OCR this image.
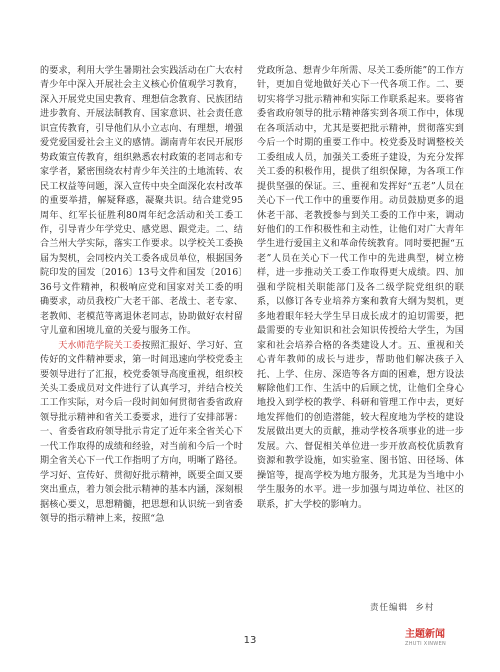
的要求，利用大学生暑期社会实践活动在广大农村青少年中深入开展社会主义核心价值观学习教育，深入开展党史国史教育、理想信念教育、民族团结进步教育、开展法制教育、国家意识、社会责任意识宣传教育，引导他们从小立志向、有理想，增强爱党爱国爱社会主义的感情。湖南青年农民开展形势政策宣传教育，组织熟悉农村政策的老同志和专家学者，紧密围绕农村青少年关注的土地流转、农民工权益等问题，深入宣传中央全面深化农村改革的重要举措，解疑释惑，凝聚共识。结合建党95周年、红军长征胜利80周年纪念活动和关工委工作，引导青少年学党史、感党恩、跟党走。二、结合兰州大学实际，落实工作要求。以学校关工委换届为契机，会同校内关工委各成员单位，根据国务院印发的国发〔2016〕13号文件和国发〔2016〕36号文件精神，积极响应党和国家对关工委的明确要求，动员我校广大老干部、老战士、老专家、老教师、老模范等离退休老同志，协助做好农村留守儿童和困境儿童的关爱与服务工作。

天水师范学院关工委按照汇报好、学习好、宣传好的文件精神要求，第一时间迅速向学校党委主要领导进行了汇报，校党委领导高度重视，组织校关头工委成员对文件进行了认真学习，并结合校关工工作实际，对今后一段时间如何贯彻省委省政府领导批示精神和省关工委要求，进行了安排部署：一、省委省政府领导批示肯定了近年来全省关心下一代工作取得的成绩和经验，对当前和今后一个时期全省关心下一代工作指明了方向，明晰了路径。学习好、宣传好、贯彻好批示精神，既要全面又要突出重点，着力领会批示精神的基本内涵，深刻根据核心要义，思想精髓，把思想和认识统一到省委领导的指示精神上来，按照“急

党政所急、想青少年所需、尽关工委所能”的工作方针，更加自觉地做好关心下一代各项工作。二、要切实将学习批示精神和实际工作联系起来。要将省委省政府领导的批示精神落实到各项工作中，体现在各项活动中，尤其是要把批示精神，贯彻落实到今后一个时期的重要工作中。校党委及时调整校关工委组成人员，加强关工委班子建设，为充分发挥关工委的积极作用，提供了组织保障，为各项工作提供坚强的保证。三、重视和发挥好“五老”人员在关心下一代工作中的重要作用。动员鼓励更多的退休老干部、老教授参与到关工委的工作中来，调动好他们的工作积极性和主动性，让他们对广大青年学生进行爱国主义和革命传统教育。同时要把握“五老”人员在关心下一代工作中的先进典型，树立榜样，进一步推动关工委工作取得更大成绩。四、加强和学院相关职能部门及各二级学院党组织的联系，以修订各专业培养方案和教育大纲为契机，更多地着眼年轻大学生早日成长成才的迫切需要，把最需要的专业知识和社会知识传授给大学生，为国家和社会培养合格的各类建设人才。五、重视和关心青年教师的成长与进步，帮助他们解决孩子入托、上学、住房、深造等各方面的困难，想方设法解除他们工作、生活中的后顾之忧，让他们全身心地投入到学校的教学、科研和管理工作中去，更好地发挥他们的创造潜能，较大程度地为学校的建设发展做出更大的贡献，推动学校各项事业的进一步发展。六、督促相关单位进一步开放高校优质教育资源和教学设施，如实验室、图书馆、田径场、体操馆等，提高学校为地方服务，尤其是为当地中小学生服务的水平。进一步加强与周边单位、社区的联系，扩大学校的影响力。

责任编辑 乡村
13
主题新闻
ZHUTI XINWEN
